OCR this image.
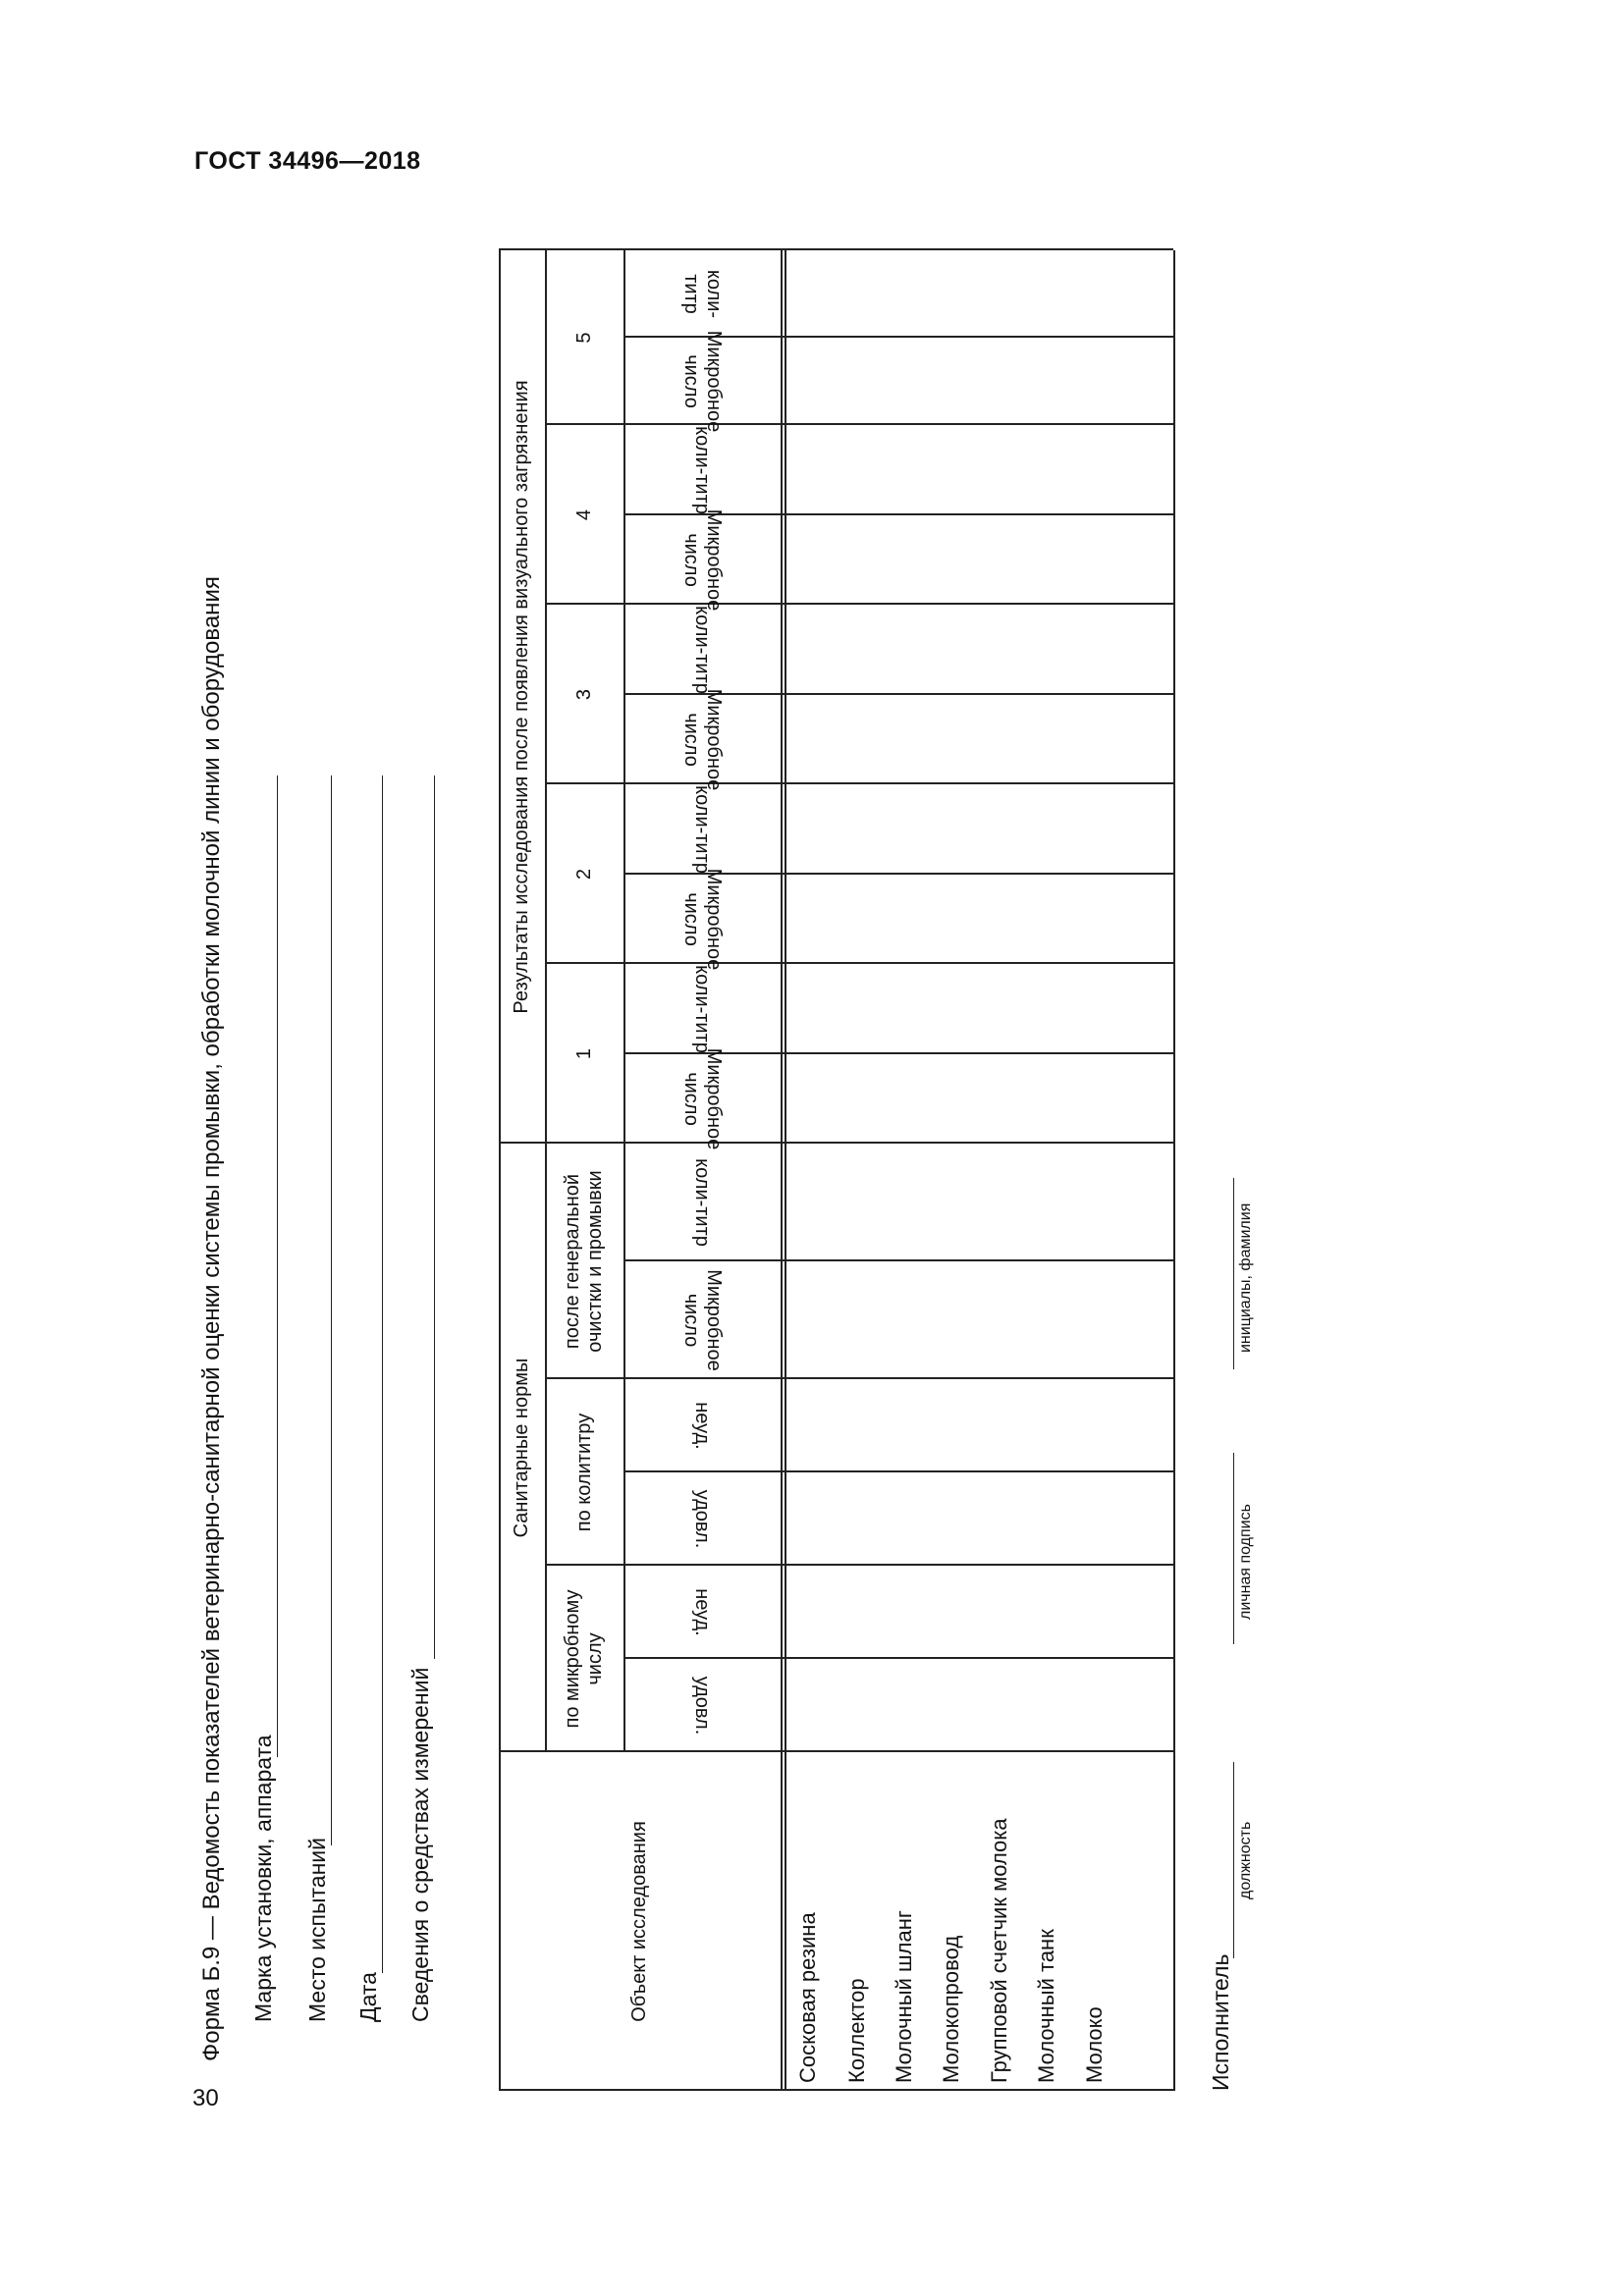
ГОСТ 34496—2018
30
Форма Б.9 — Ведомость показателей ветеринарно-санитарной оценки системы промывки, обработки молочной линии и оборудования Марка установки, аппарата Место испытаний Дата Сведения о средствах измерений	Объект исследования
Санитарные нормы
по микробному числу
по колититру
после генеральной очистки и промывки
Результаты исследования после появления визуального загрязнения
удовл.
неуд.
удовл.
неуд.
Микробное число
коли-титр
1
2
3
4
5
Микробное число
коли-титр
Микробное число
коли-титр
Микробное число
коли-титр
Микробное число
коли-титр
Микробное число
коли-титр
Сосковая резина Коллектор Молочный шланг Молокопровод Групповой счетчик молока Молочный танк Молоко	Исполнитель
должность
личная подпись
инициалы, фамилия
